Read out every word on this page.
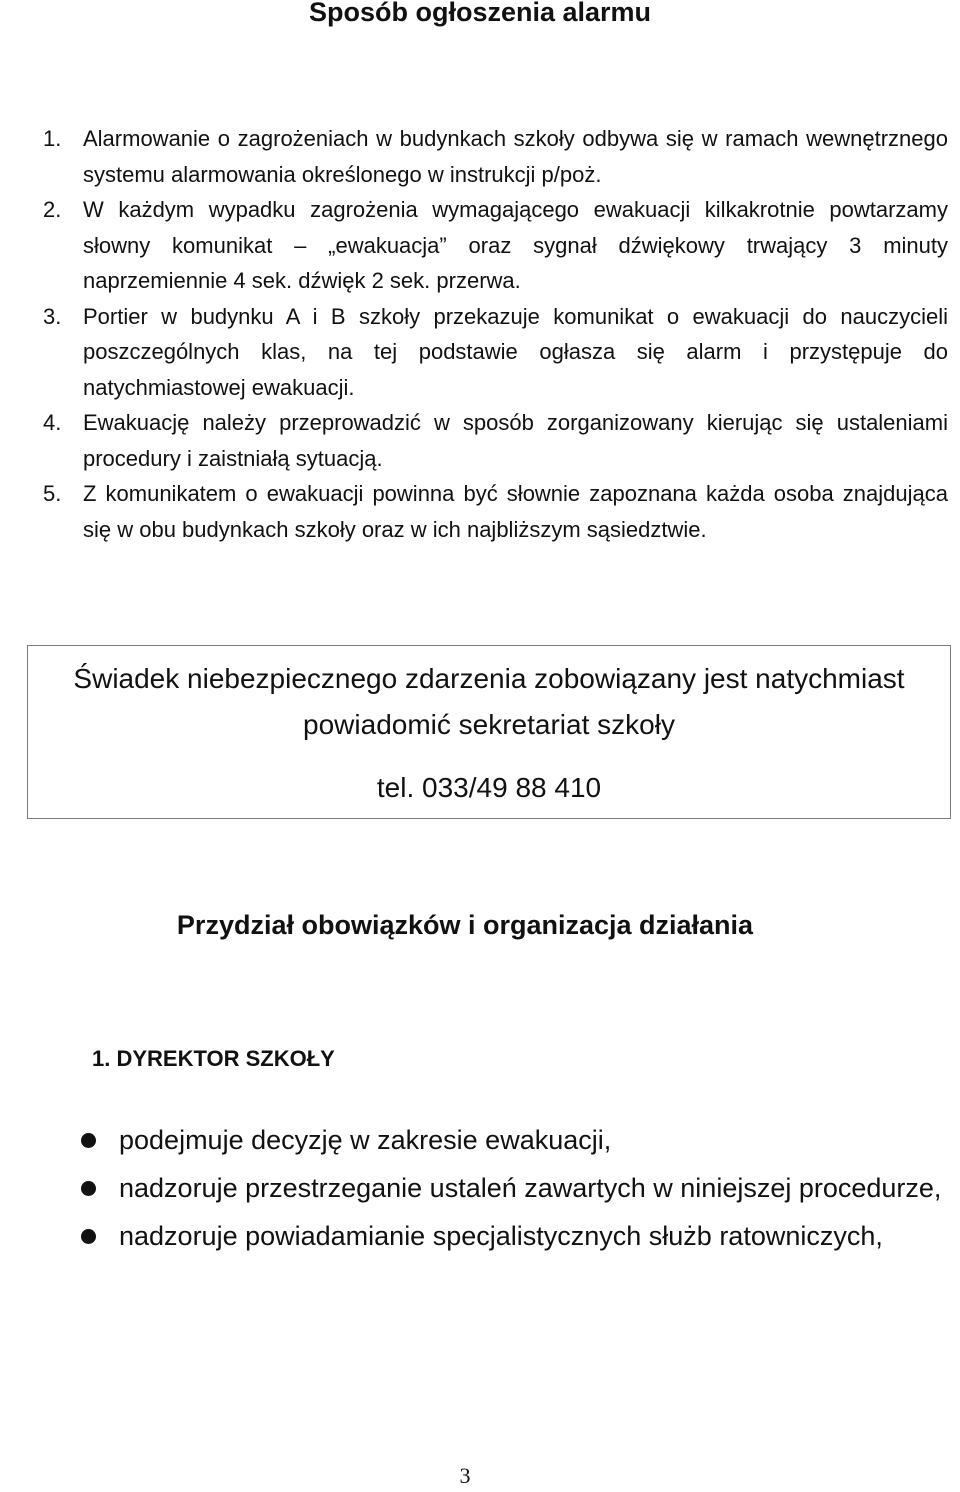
Sposób ogłoszenia alarmu
1. Alarmowanie o zagrożeniach w budynkach szkoły odbywa się w ramach wewnętrznego systemu alarmowania określonego w instrukcji p/poż.
2. W każdym wypadku zagrożenia wymagającego ewakuacji kilkakrotnie powtarzamy słowny komunikat – „ewakuacja” oraz sygnał dźwiękowy trwający 3 minuty naprzemiennie 4 sek. dźwięk 2 sek. przerwa.
3. Portier w budynku A i B szkoły przekazuje komunikat o ewakuacji do nauczycieli poszczególnych klas, na tej podstawie ogłasza się alarm i przystępuje do natychmiastowej ewakuacji.
4. Ewakuację należy przeprowadzić w sposób zorganizowany kierując się ustaleniami procedury i zaistniałą sytuacją.
5. Z komunikatem o ewakuacji powinna być słownie zapoznana każda osoba znajdująca się w obu budynkach szkoły oraz w ich najbliższym sąsiedztwie.
Świadek niebezpiecznego zdarzenia zobowiązany jest natychmiast powiadomić sekretariat szkoły
tel. 033/49 88 410
Przydział obowiązków i organizacja działania
1. DYREKTOR SZKOŁY
podejmuje decyzję w zakresie ewakuacji,
nadzoruje przestrzeganie ustaleń zawartych w niniejszej procedurze,
nadzoruje powiadamianie specjalistycznych służb ratowniczych,
3
